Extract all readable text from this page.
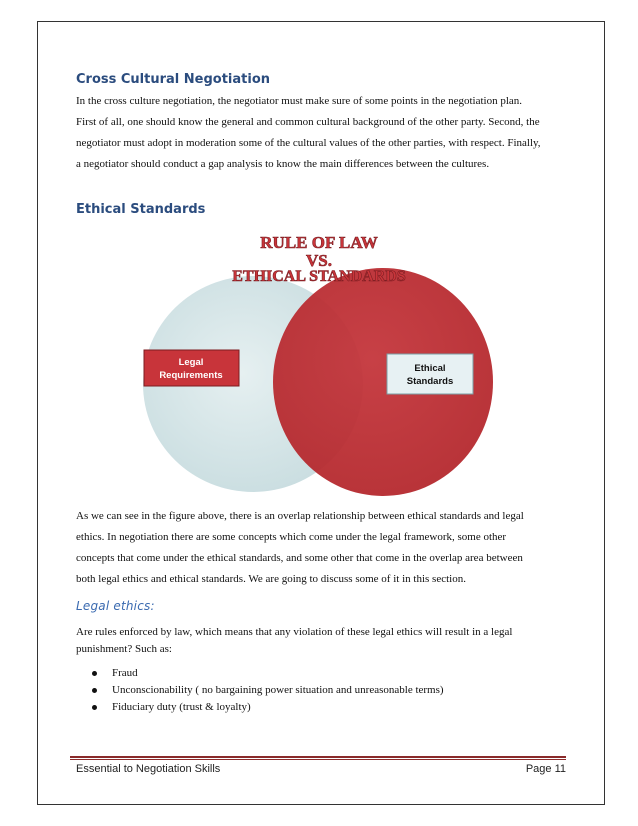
Cross Cultural Negotiation

In the cross culture negotiation, the negotiator must make sure of some points in the negotiation plan.

First of all, one should know the general and common cultural background of the other party. Second, the

negotiator must adopt in moderation some of the cultural values of the other parties, with respect. Finally,

a negotiator should conduct a gap analysis to know the main differences between the cultures.

Ethical Standards
RULE OF LAW
VS.
ETHICAL STANDARDS
Legal
Requirements
Ethical
Standards

As we can see in the figure above, there is an overlap relationship between ethical standards and legal

ethics. In negotiation there are some concepts which come under the legal framework, some other

concepts that come under the ethical standards, and some other that come in the overlap area between

both legal ethics and ethical standards. We are going to discuss some of it in this section.

Legal ethics:

Are rules enforced by law, which means that any violation of these legal ethics will result in a legal

punishment? Such as:

Fraud
Unconscionability ( no bargaining power situation and unreasonable terms)
Fiduciary duty (trust & loyalty)
Essential to Negotiation Skills	Page 11
